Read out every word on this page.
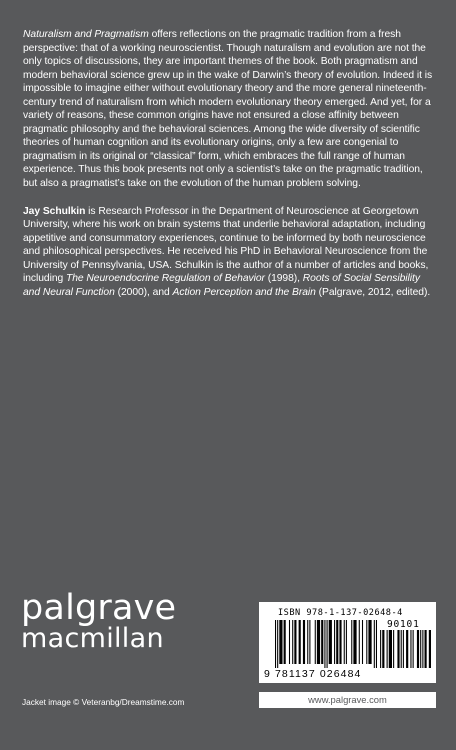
Naturalism and Pragmatism offers reflections on the pragmatic tradition from a fresh perspective: that of a working neuroscientist. Though naturalism and evolution are not the only topics of discussions, they are important themes of the book. Both pragmatism and modern behavioral science grew up in the wake of Darwin’s theory of evolution. Indeed it is impossible to imagine either without evolutionary theory and the more general nineteenth-century trend of naturalism from which modern evolutionary theory emerged. And yet, for a variety of reasons, these common origins have not ensured a close affinity between pragmatic philosophy and the behavioral sciences. Among the wide diversity of scientific theories of human cognition and its evolutionary origins, only a few are congenial to pragmatism in its original or “classical” form, which embraces the full range of human experience. Thus this book presents not only a scientist’s take on the pragmatic tradition, but also a pragmatist’s take on the evolution of the human problem solving.

Jay Schulkin is Research Professor in the Department of Neuroscience at Georgetown University, where his work on brain systems that underlie behavioral adaptation, including appetitive and consummatory experiences, continue to be informed by both neuroscience and philosophical perspectives. He received his PhD in Behavioral Neuroscience from the University of Pennsylvania, USA. Schulkin is the author of a number of articles and books, including The Neuroendocrine Regulation of Behavior (1998), Roots of Social Sensibility and Neural Function (2000), and Action Perception and the Brain (Palgrave, 2012, edited).

palgrave
macmillan
Jacket image © Veteranbg/Dreamstime.com
ISBN 978-1-137-02648-4
90101
9 781137 026484
www.palgrave.com
